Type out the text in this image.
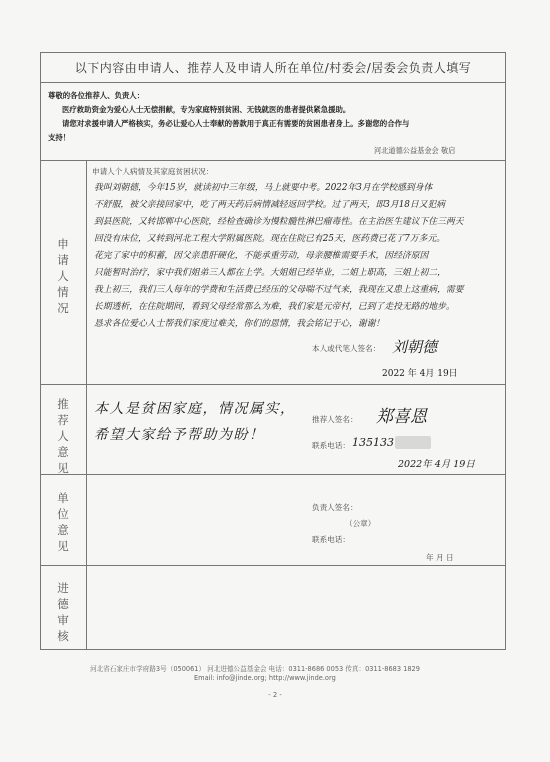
以下内容由申请人、推荐人及申请人所在单位/村委会/居委会负责人填写
尊敬的各位推荐人、负责人：
医疗救助资金为爱心人士无偿捐献，专为家庭特别贫困、无钱就医的患者提供紧急援助。
请您对求援申请人严格核实，务必让爱心人士奉献的善款用于真正有需要的贫困患者身上。多谢您的合作与
支持！
河北道德公益基金会 敬启
申请人情况
申请人个人病情及其家庭贫困状况：
我叫刘朝德，今年15岁，就读初中三年级，马上就要中考。2022年3月在学校感到身体
不舒服，被父亲接回家中，吃了两天药后病情减轻返回学校。过了两天，即3月18日又犯病
到县医院，又转邯郸中心医院，经检查确诊为慢粒髓性淋巴瘤毒性。在主治医生建议下住三两天
回没有床位，又转到河北工程大学附属医院。现在住院已有25天，医药费已花了7万多元。
花完了家中的积蓄，因父亲患肝硬化，不能承重劳动，母亲腰椎需要手术，因经济原因
只能暂时治疗，家中我们姐弟三人都在上学。大姐姐已经毕业，二姐上职高，三姐上初二，
我上初三，我们三人每年的学费和生活费已经压的父母喘不过气来，我现在又患上这重病，需要
长期透析，在住院期间，看到父母经常那么为难，我们家是元帝村，已到了走投无路的地步。
恳求各位爱心人士帮我们家度过难关，你们的恩情，我会铭记于心，谢谢！
本人或代笔人签名： 刘朝德
2022 年 4月 19日
推荐人意见
本人是贫困家庭，情况属实，
希望大家给予帮助为盼！
推荐人签名： 郑喜恩
联系电话： 135133
2022年 4月 19日
单位意见
负责人签名：
（公章）
联系电话：
年 月 日
进德审核
河北省石家庄市学府路3号（050061） 河北进德公益基金会 电话：0311-8686 0053 传真：0311-8683 1829
Email: info@jinde.org; http://www.jinde.org
- 2 -
